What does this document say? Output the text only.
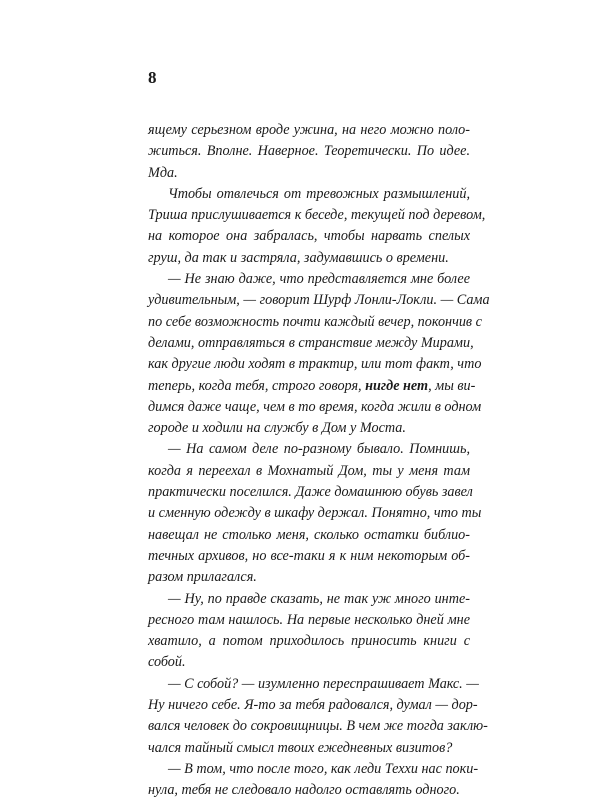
8
ящему серьезном вроде ужина, на него можно поло-
житься. Вполне. Наверное. Теоретически. По идее.
Мда.
Чтобы отвлечься от тревожных размышлений,
Триша прислушивается к беседе, текущей под деревом,
на которое она забралась, чтобы нарвать спелых
груш, да так и застряла, задумавшись о времени.
— Не знаю даже, что представляется мне более
удивительным, — говорит Шурф Лонли-Локли. — Сама
по себе возможность почти каждый вечер, покончив с
делами, отправляться в странствие между Мирами,
как другие люди ходят в трактир, или тот факт, что
теперь, когда тебя, строго говоря, нигде нет, мы ви-
димся даже чаще, чем в то время, когда жили в одном
городе и ходили на службу в Дом у Моста.
— На самом деле по-разному бывало. Помнишь,
когда я переехал в Мохнатый Дом, ты у меня там
практически поселился. Даже домашнюю обувь завел
и сменную одежду в шкафу держал. Понятно, что ты
навещал не столько меня, сколько остатки библио-
течных архивов, но все-таки я к ним некоторым об-
разом прилагался.
— Ну, по правде сказать, не так уж много инте-
ресного там нашлось. На первые несколько дней мне
хватило, а потом приходилось приносить книги с
собой.
— С собой? — изумленно переспрашивает Макс. —
Ну ничего себе. Я-то за тебя радовался, думал — дор-
вался человек до сокровищницы. В чем же тогда заклю-
чался тайный смысл твоих ежедневных визитов?
— В том, что после того, как леди Теххи нас поки-
нула, тебя не следовало надолго оставлять одного.
